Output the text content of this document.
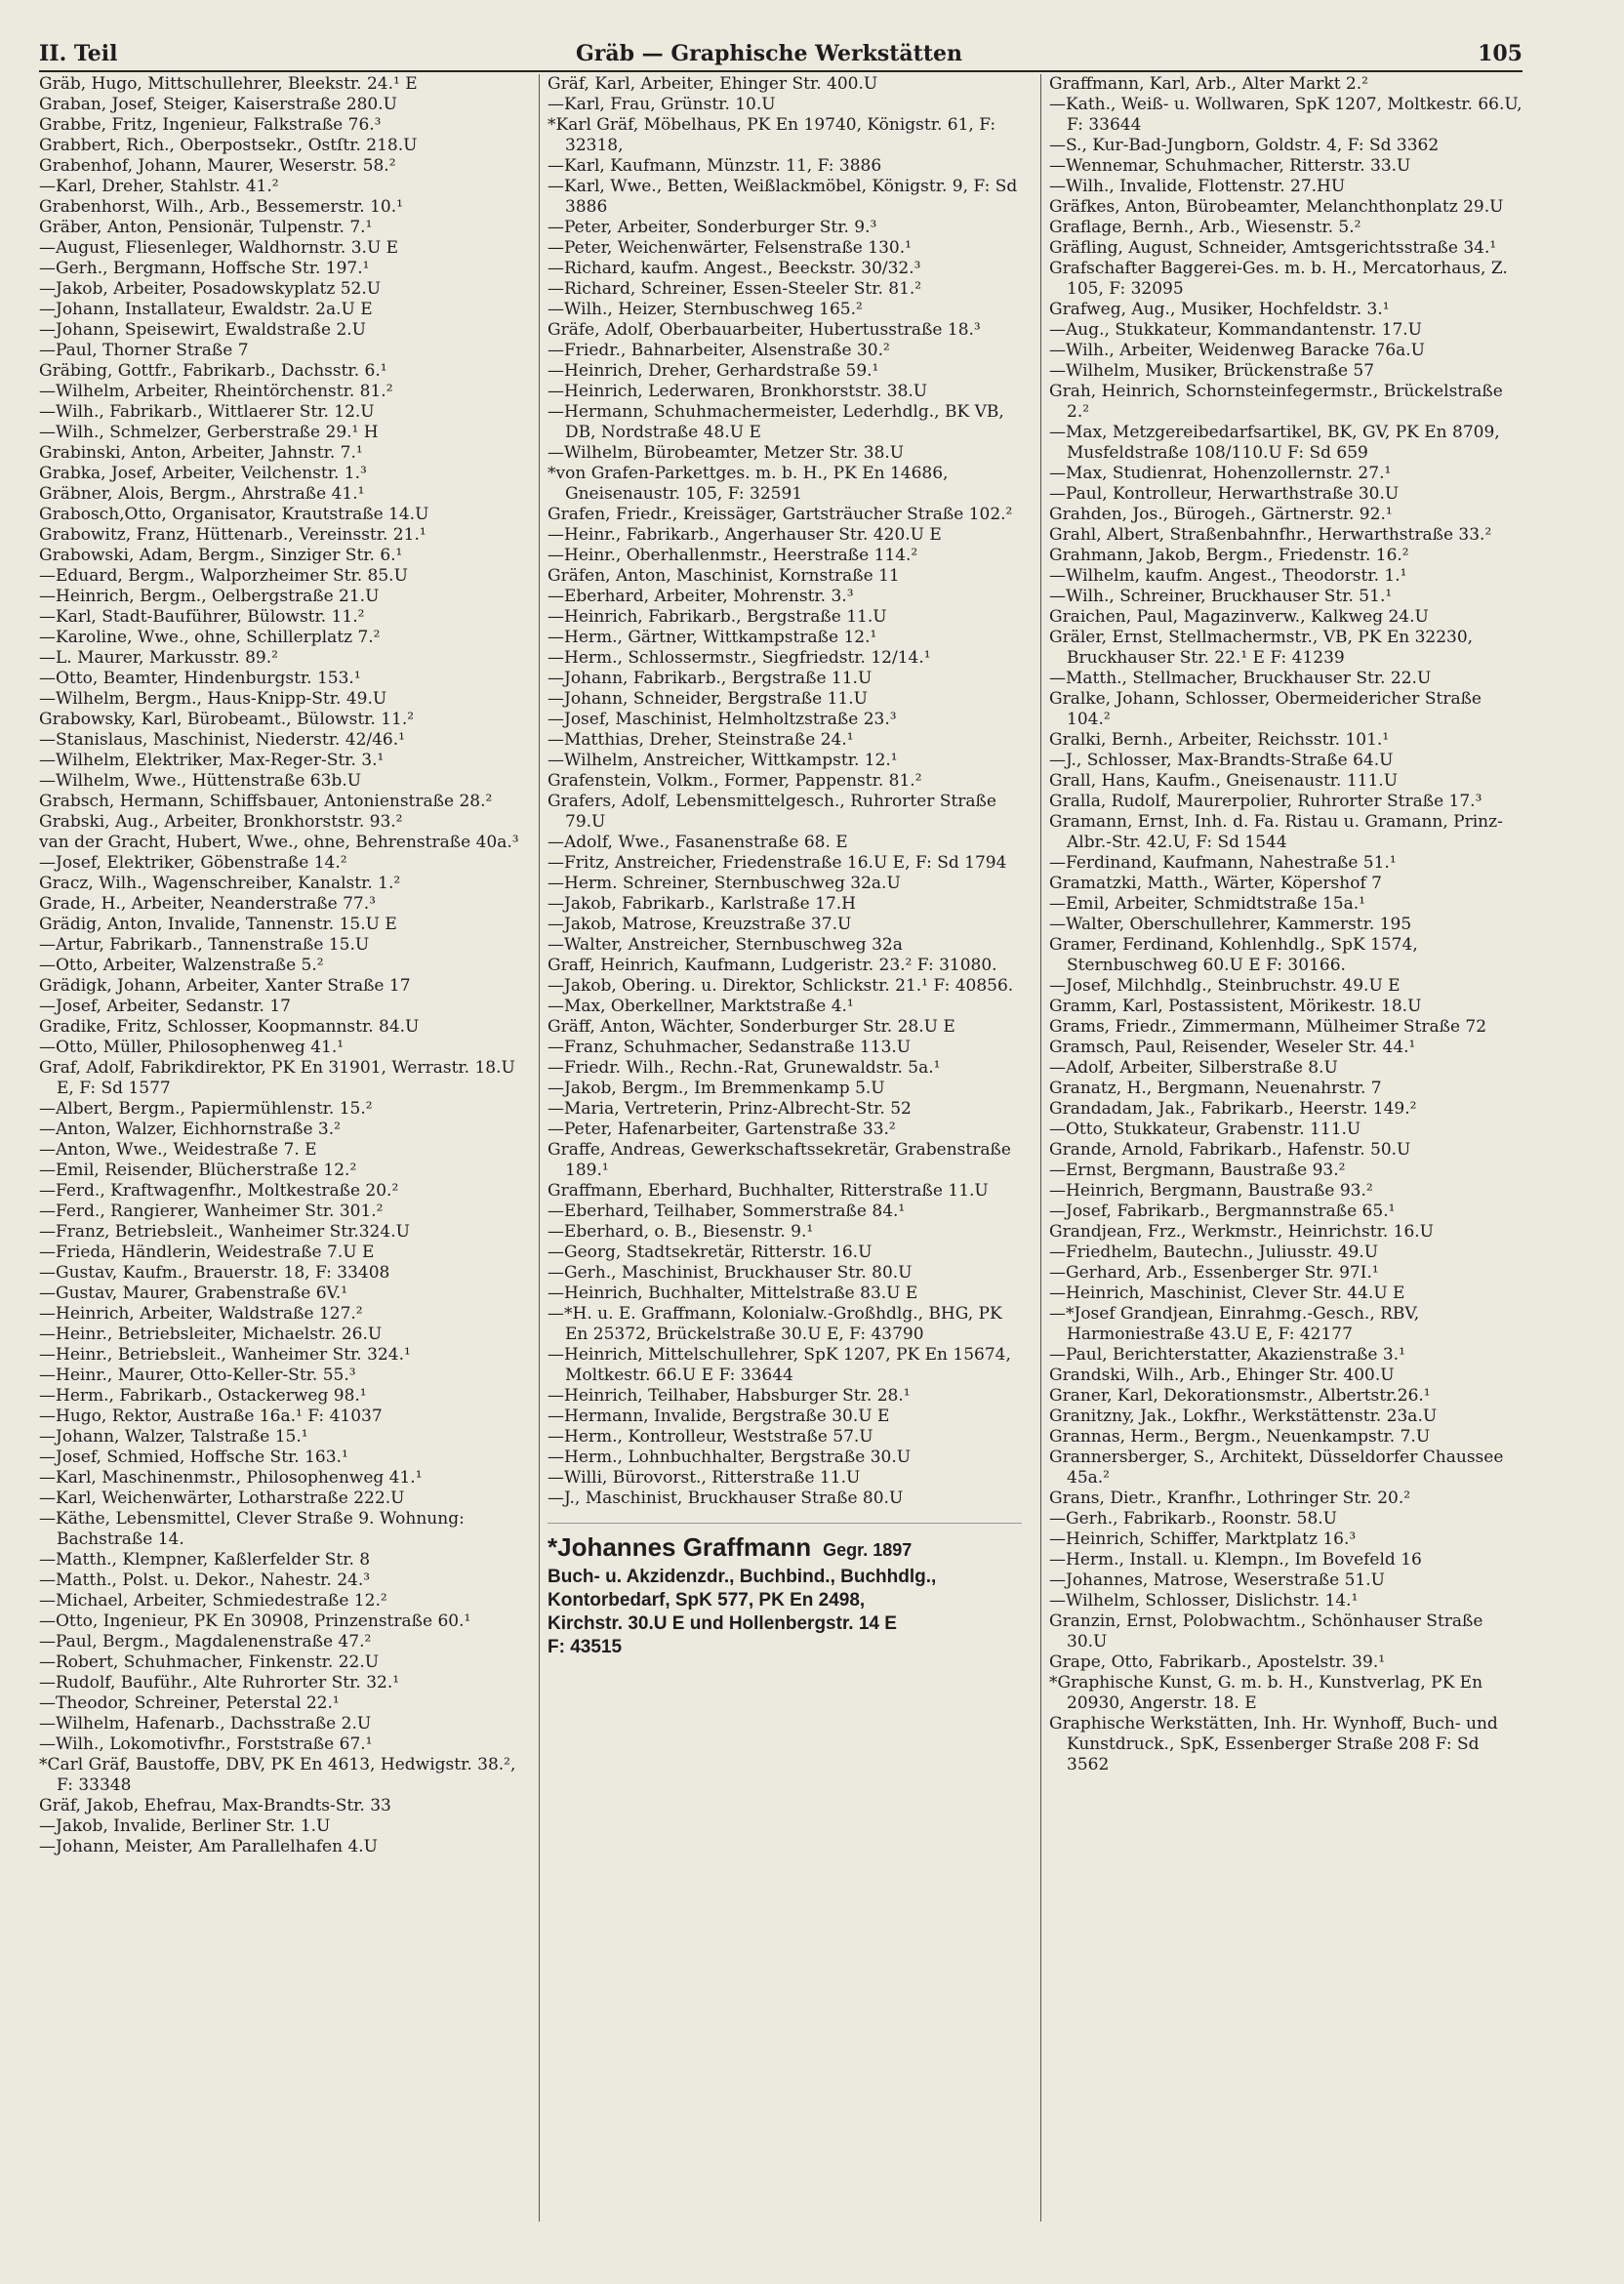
II. Teil	Gräb — Graphische Werkstätten	105
Gräb, Hugo, Mittschullehrer, Bleekstr. 24.¹ E
Graban, Josef, Steiger, Kaiserstraße 280.U
Grabbe, Fritz, Ingenieur, Falkstraße 76.³
Grabbert, Rich., Oberpostsekr., Ostſtr. 218.U
Grabenhof, Johann, Maurer, Weserstr. 58.²
—Karl, Dreher, Stahlstr. 41.²
Grabenhorst, Wilh., Arb., Bessemerstr. 10.¹
Gräber, Anton, Pensionär, Tulpenstr. 7.¹
—August, Fliesenleger, Waldhornstr. 3.U E
—Gerh., Bergmann, Hoffsche Str. 197.¹
—Jakob, Arbeiter, Posadowskyplatz 52.U
—Johann, Installateur, Ewaldstr. 2a.U E
—Johann, Speisewirt, Ewaldstraße 2.U
—Paul, Thorner Straße 7
Gräbing, Gottfr., Fabrikarb., Dachsstr. 6.¹
—Wilhelm, Arbeiter, Rheintörchenstr. 81.²
—Wilh., Fabrikarb., Wittlaerer Str. 12.U
—Wilh., Schmelzer, Gerberstraße 29.¹ H
Grabinski, Anton, Arbeiter, Jahnstr. 7.¹
Grabka, Josef, Arbeiter, Veilchenstr. 1.³
Gräbner, Alois, Bergm., Ahrstraße 41.¹
Grabosch,Otto, Organisator, Krautstraße 14.U
Grabowitz, Franz, Hüttenarb., Vereinsstr. 21.¹
Grabowski, Adam, Bergm., Sinziger Str. 6.¹
—Eduard, Bergm., Walporzheimer Str. 85.U
—Heinrich, Bergm., Oelbergstraße 21.U
—Karl, Stadt-Bauführer, Bülowstr. 11.²
—Karoline, Wwe., ohne, Schillerplatz 7.²
—L. Maurer, Markusstr. 89.²
—Otto, Beamter, Hindenburgstr. 153.¹
—Wilhelm, Bergm., Haus-Knipp-Str. 49.U
Grabowsky, Karl, Bürobeamt., Bülowstr. 11.²
—Stanislaus, Maschinist, Niederstr. 42/46.¹
—Wilhelm, Elektriker, Max-Reger-Str. 3.¹
—Wilhelm, Wwe., Hüttenstraße 63b.U
Grabsch, Hermann, Schiffsbauer, Antonienstraße 28.²
Grabski, Aug., Arbeiter, Bronkhorststr. 93.²
van der Gracht, Hubert, Wwe., ohne, Behrenstraße 40a.³
—Josef, Elektriker, Göbenstraße 14.²
Gracz, Wilh., Wagenschreiber, Kanalstr. 1.²
Grade, H., Arbeiter, Neanderstraße 77.³
Grädig, Anton, Invalide, Tannenstr. 15.U E
—Artur, Fabrikarb., Tannenstraße 15.U
—Otto, Arbeiter, Walzenstraße 5.²
Grädigk, Johann, Arbeiter, Xanter Straße 17
—Josef, Arbeiter, Sedanstr. 17
Gradike, Fritz, Schlosser, Koopmannstr. 84.U
—Otto, Müller, Philosophenweg 41.¹
Graf, Adolf, Fabrikdirektor, PK En 31901, Werrastr. 18.U E, F: Sd 1577
—Albert, Bergm., Papiermühlenstr. 15.²
—Anton, Walzer, Eichhornstraße 3.²
—Anton, Wwe., Weidestraße 7. E
—Emil, Reisender, Blücherstraße 12.²
—Ferd., Kraftwagenfhr., Moltkestraße 20.²
—Ferd., Rangierer, Wanheimer Str. 301.²
—Franz, Betriebsleit., Wanheimer Str.324.U
—Frieda, Händlerin, Weidestraße 7.U E
—Gustav, Kaufm., Brauerstr. 18, F: 33408
—Gustav, Maurer, Grabenstraße 6V.¹
—Heinrich, Arbeiter, Waldstraße 127.²
—Heinr., Betriebsleiter, Michaelstr. 26.U
—Heinr., Betriebsleit., Wanheimer Str. 324.¹
—Heinr., Maurer, Otto-Keller-Str. 55.³
—Herm., Fabrikarb., Ostackerweg 98.¹
—Hugo, Rektor, Austraße 16a.¹ F: 41037
—Johann, Walzer, Talstraße 15.¹
—Josef, Schmied, Hoffsche Str. 163.¹
—Karl, Maschinenmstr., Philosophenweg 41.¹
—Karl, Weichenwärter, Lotharstraße 222.U
—Käthe, Lebensmittel, Clever Straße 9. Wohnung: Bachstraße 14.
—Matth., Klempner, Kaßlerfelder Str. 8
—Matth., Polst. u. Dekor., Nahestr. 24.³
—Michael, Arbeiter, Schmiedestraße 12.²
—Otto, Ingenieur, PK En 30908, Prinzenstraße 60.¹
—Paul, Bergm., Magdalenenstraße 47.²
—Robert, Schuhmacher, Finkenstr. 22.U
—Rudolf, Bauführ., Alte Ruhrorter Str. 32.¹
—Theodor, Schreiner, Peterstal 22.¹
—Wilhelm, Hafenarb., Dachsstraße 2.U
—Wilh., Lokomotivfhr., Forststraße 67.¹
*Carl Gräf, Baustoffe, DBV, PK En 4613, Hedwigstr. 38.², F: 33348
Gräf, Jakob, Ehefrau, Max-Brandts-Str. 33
—Jakob, Invalide, Berliner Str. 1.U
—Johann, Meister, Am Parallelhafen 4.U
Gräf, Karl, Arbeiter, Ehinger Str. 400.U
—Karl, Frau, Grünstr. 10.U
*Karl Gräf, Möbelhaus, PK En 19740, Königstr. 61, F: 32318,
—Karl, Kaufmann, Münzstr. 11, F: 3886
—Karl, Wwe., Betten, Weißlackmöbel, Königstr. 9, F: Sd 3886
—Peter, Arbeiter, Sonderburger Str. 9.³
—Peter, Weichenwärter, Felsenstraße 130.¹
—Richard, kaufm. Angest., Beeckstr. 30/32.³
—Richard, Schreiner, Essen-Steeler Str. 81.²
—Wilh., Heizer, Sternbuschweg 165.²
Gräfe, Adolf, Oberbauarbeiter, Hubertusstraße 18.³
—Friedr., Bahnarbeiter, Alsenstraße 30.²
—Heinrich, Dreher, Gerhardstraße 59.¹
—Heinrich, Lederwaren, Bronkhorststr. 38.U
—Hermann, Schuhmachermeister, Lederhdlg., BK VB, DB, Nordstraße 48.U E
—Wilhelm, Bürobeamter, Metzer Str. 38.U
*von Grafen-Parkettges. m. b. H., PK En 14686, Gneisenaustr. 105, F: 32591
Grafen, Friedr., Kreissäger, Gartsträucher Straße 102.²
—Heinr., Fabrikarb., Angerhauser Str. 420.U E
—Heinr., Oberhallenmstr., Heerstraße 114.²
Gräfen, Anton, Maschinist, Kornstraße 11
—Eberhard, Arbeiter, Mohrenstr. 3.³
—Heinrich, Fabrikarb., Bergstraße 11.U
—Herm., Gärtner, Wittkampstraße 12.¹
—Herm., Schlossermstr., Siegfriedstr. 12/14.¹
—Johann, Fabrikarb., Bergstraße 11.U
—Johann, Schneider, Bergstraße 11.U
—Josef, Maschinist, Helmholtzstraße 23.³
—Matthias, Dreher, Steinstraße 24.¹
—Wilhelm, Anstreicher, Wittkampstr. 12.¹
Grafenstein, Volkm., Former, Pappenstr. 81.²
Grafers, Adolf, Lebensmittelgesch., Ruhrorter Straße 79.U
—Adolf, Wwe., Fasanenstraße 68. E
—Fritz, Anstreicher, Friedenstraße 16.U E, F: Sd 1794
—Herm. Schreiner, Sternbuschweg 32a.U
—Jakob, Fabrikarb., Karlstraße 17.H
—Jakob, Matrose, Kreuzstraße 37.U
—Walter, Anstreicher, Sternbuschweg 32a
Graff, Heinrich, Kaufmann, Ludgeristr. 23.² F: 31080.
—Jakob, Obering. u. Direktor, Schlickstr. 21.¹ F: 40856.
—Max, Oberkellner, Marktstraße 4.¹
Gräff, Anton, Wächter, Sonderburger Str. 28.U E
—Franz, Schuhmacher, Sedanstraße 113.U
—Friedr. Wilh., Rechn.-Rat, Grunewaldstr. 5a.¹
—Jakob, Bergm., Im Bremmenkamp 5.U
—Maria, Vertreterin, Prinz-Albrecht-Str. 52
—Peter, Hafenarbeiter, Gartenstraße 33.²
Graffe, Andreas, Gewerkschaftssekretär, Grabenstraße 189.¹
Graffmann, Eberhard, Buchhalter, Ritterstraße 11.U
—Eberhard, Teilhaber, Sommerstraße 84.¹
—Eberhard, o. B., Biesenstr. 9.¹
—Georg, Stadtsekretär, Ritterstr. 16.U
—Gerh., Maschinist, Bruckhauser Str. 80.U
—Heinrich, Buchhalter, Mittelstraße 83.U E
—*H. u. E. Graffmann, Kolonialw.-Großhdlg., BHG, PK En 25372, Brückelstraße 30.U E, F: 43790
—Heinrich, Mittelschullehrer, SpK 1207, PK En 15674, Moltkestr. 66.U E F: 33644
—Heinrich, Teilhaber, Habsburger Str. 28.¹
—Hermann, Invalide, Bergstraße 30.U E
—Herm., Kontrolleur, Weststraße 57.U
—Herm., Lohnbuchhalter, Bergstraße 30.U
—Willi, Bürovorst., Ritterstraße 11.U
—J., Maschinist, Bruckhauser Straße 80.U
*Johannes Graffmann Gegr. 1897
Buch- u. Akzidenzdr., Buchbind., Buchhdlg., Kontorbedarf, SpK 577, PK En 2498,
Kirchstr. 30.U E und Hollenbergstr. 14 E
F: 43515
Graffmann, Karl, Arb., Alter Markt 2.²
—Kath., Weiß- u. Wollwaren, SpK 1207, Moltkestr. 66.U, F: 33644
—S., Kur-Bad-Jungborn, Goldstr. 4, F: Sd 3362
—Wennemar, Schuhmacher, Ritterstr. 33.U
—Wilh., Invalide, Flottenstr. 27.HU
Gräfkes, Anton, Bürobeamter, Melanchthonplatz 29.U
Graflage, Bernh., Arb., Wiesenstr. 5.²
Gräfling, August, Schneider, Amtsgerichtsstraße 34.¹
Grafschafter Baggerei-Ges. m. b. H., Mercatorhaus, Z. 105, F: 32095
Grafweg, Aug., Musiker, Hochfeldstr. 3.¹
—Aug., Stukkateur, Kommandantenstr. 17.U
—Wilh., Arbeiter, Weidenweg Baracke 76a.U
—Wilhelm, Musiker, Brückenstraße 57
Grah, Heinrich, Schornsteinfegermstr., Brückelstraße 2.²
—Max, Metzgereibedarfsartikel, BK, GV, PK En 8709, Musfeldstraße 108/110.U F: Sd 659
—Max, Studienrat, Hohenzollernstr. 27.¹
—Paul, Kontrolleur, Herwarthstraße 30.U
Grahden, Jos., Bürogeh., Gärtnerstr. 92.¹
Grahl, Albert, Straßenbahnfhr., Herwarthstraße 33.²
Grahmann, Jakob, Bergm., Friedenstr. 16.²
—Wilhelm, kaufm. Angest., Theodorstr. 1.¹
—Wilh., Schreiner, Bruckhauser Str. 51.¹
Graichen, Paul, Magazinverw., Kalkweg 24.U
Gräler, Ernst, Stellmachermstr., VB, PK En 32230, Bruckhauser Str. 22.¹ E F: 41239
—Matth., Stellmacher, Bruckhauser Str. 22.U
Gralke, Johann, Schlosser, Obermeidericher Straße 104.²
Gralki, Bernh., Arbeiter, Reichsstr. 101.¹
—J., Schlosser, Max-Brandts-Straße 64.U
Grall, Hans, Kaufm., Gneisenaustr. 111.U
Gralla, Rudolf, Maurerpolier, Ruhrorter Straße 17.³
Gramann, Ernst, Inh. d. Fa. Ristau u. Gramann, Prinz-Albr.-Str. 42.U, F: Sd 1544
—Ferdinand, Kaufmann, Nahestraße 51.¹
Gramatzki, Matth., Wärter, Köpershof 7
—Emil, Arbeiter, Schmidtstraße 15a.¹
—Walter, Oberschullehrer, Kammerstr. 195
Gramer, Ferdinand, Kohlenhdlg., SpK 1574, Sternbuschweg 60.U E F: 30166.
—Josef, Milchhdlg., Steinbruchstr. 49.U E
Gramm, Karl, Postassistent, Mörikestr. 18.U
Grams, Friedr., Zimmermann, Mülheimer Straße 72
Gramsch, Paul, Reisender, Weseler Str. 44.¹
—Adolf, Arbeiter, Silberstraße 8.U
Granatz, H., Bergmann, Neuenahrstr. 7
Grandadam, Jak., Fabrikarb., Heerstr. 149.²
—Otto, Stukkateur, Grabenstr. 111.U
Grande, Arnold, Fabrikarb., Hafenstr. 50.U
—Ernst, Bergmann, Baustraße 93.²
—Heinrich, Bergmann, Baustraße 93.²
—Josef, Fabrikarb., Bergmannstraße 65.¹
Grandjean, Frz., Werkmstr., Heinrichstr. 16.U
—Friedhelm, Bautechn., Juliusstr. 49.U
—Gerhard, Arb., Essenberger Str. 97I.¹
—Heinrich, Maschinist, Clever Str. 44.U E
—*Josef Grandjean, Einrahmg.-Gesch., RBV, Harmoniestraße 43.U E, F: 42177
—Paul, Berichterstatter, Akazienstraße 3.¹
Grandski, Wilh., Arb., Ehinger Str. 400.U
Graner, Karl, Dekorationsmstr., Albertstr.26.¹
Granitzny, Jak., Lokfhr., Werkstättenstr. 23a.U
Grannas, Herm., Bergm., Neuenkampstr. 7.U
Grannersberger, S., Architekt, Düsseldorfer Chaussee 45a.²
Grans, Dietr., Kranfhr., Lothringer Str. 20.²
—Gerh., Fabrikarb., Roonstr. 58.U
—Heinrich, Schiffer, Marktplatz 16.³
—Herm., Install. u. Klempn., Im Bovefeld 16
—Johannes, Matrose, Weserstraße 51.U
—Wilhelm, Schlosser, Dislichstr. 14.¹
Granzin, Ernst, Polobwachtm., Schönhauser Straße 30.U
Grape, Otto, Fabrikarb., Apostelstr. 39.¹
*Graphische Kunst, G. m. b. H., Kunstverlag, PK En 20930, Angerstr. 18. E
Graphische Werkstätten, Inh. Hr. Wynhoff, Buch- und Kunstdruck., SpK, Essenberger Straße 208 F: Sd 3562
